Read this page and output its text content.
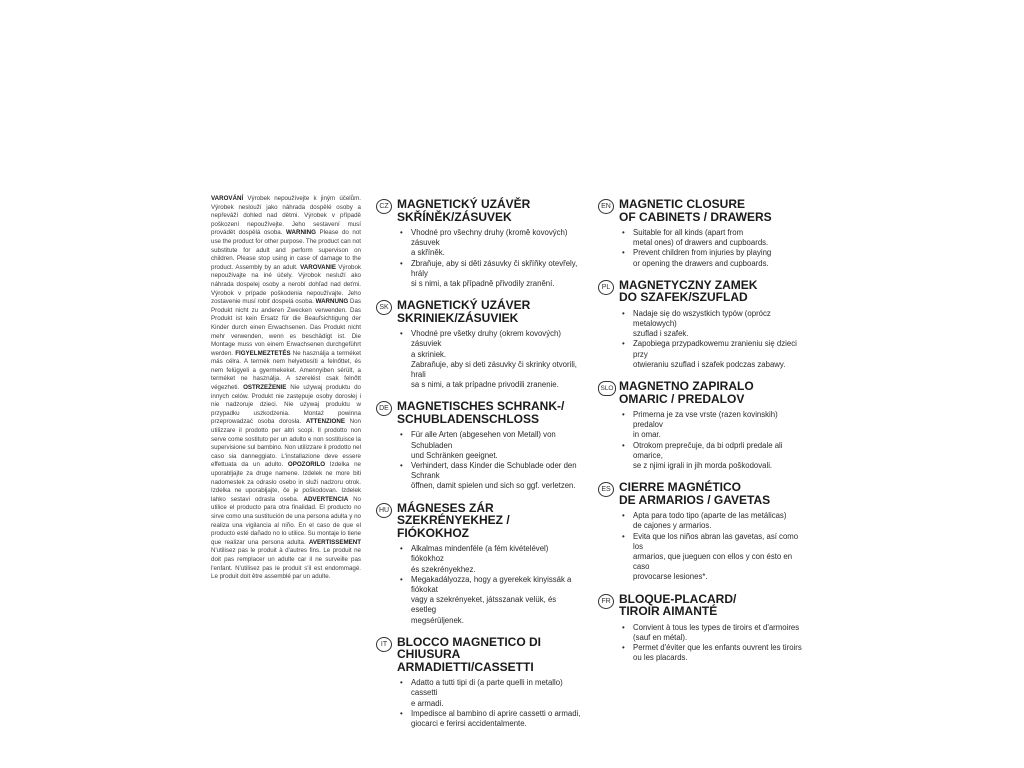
VAROVÁNÍ Výrobek nepoužívejte k jiným účelům. Výrobek neslouží jako náhrada dospělé osoby a nepřeváží dohled nad dětmi. Výrobek v případě poškození nepoužívejte. Jeho sestavení musí provádět dospělá osoba. WARNING Please do not use the product for other purpose. The product can not substitute for adult and perform supervison on children. Please stop using in case of damage to the product. Assembly by an adult. VAROVANIE Výrobok nepoužívajte na iné účely. Výrobok nesluží ako náhrada dospelej osoby a nerobí dohľad nad deťmi. Výrobok v prípade poškodenia nepoužívajte. Jeho zostavenie musí robiť dospelá osoba. WARNUNG Das Produkt nicht zu anderen Zwecken verwenden. Das Produkt ist kein Ersatz für die Beaufsichtigung der Kinder durch einen Erwachsenen. Das Produkt nicht mehr verwenden, wenn es beschädigt ist. Die Montage muss von einem Erwachsenen durchgeführt werden. FIGYELMEZTETÉS Ne használja a terméket más célra. A termék nem helyettesíti a felnőttet, és nem felügyeli a gyermekeket. Amennyiben sérült, a terméket ne használja. A szerelést csak felnőtt végezheti. OSTRZEŻENIE Nie używaj produktu do innych celów. Produkt nie zastępuje osoby dorosłej i nie nadzoruje dzieci. Nie używaj produktu w przypadku uszkodzenia. Montaż powinna przeprowadzać osoba dorosła. ATTENZIONE Non utilizzare il prodotto per altri scopi. Il prodotto non serve come sostituto per un adulto e non sostituisce la supervisione sul bambino. Non utilizzare il prodotto nel caso sia danneggiato. L'installazione deve essere effettuata da un adulto. OPOZORILO Izdelka ne uporabljajte za druge namene. Izdelek ne more biti nadomestek za odraslo osebo in služi nadzoru otrok. Izdelka ne uporabljajte, če je poškodovan. Izdelek lahko sestavi odrasla oseba. ADVERTENCIA No utilice el producto para otra finalidad. El producto no sirve como una sustitución de una persona adulta y no realiza una vigilancia al niño. En el caso de que el producto esté dañado no lo utilice. Su montaje lo tiene que realizar una persona adulta. AVERTISSEMENT N'utilisez pas le produit à d'autres fins. Le produit ne doit pas remplacer un adulte car il ne surveille pas l'enfant. N'utilisez pas le produit s'il est endommagé. Le produit doit être assemblé par un adulte.
CZ MAGNETICKÝ UZÁVĚR
SKŘÍNĚK/ZÁSUVEK
• Vhodné pro všechny druhy (kromě kovových) zásuvek
a skříněk.
• Zbraňuje, aby si děti zásuvky či skříňky otevřely, hrály
si s nimi, a tak případně přivodily zranění.
SK MAGNETICKÝ UZÁVER
SKRINIEK/ZÁSUVIEK
• Vhodné pre všetky druhy (okrem kovových) zásuviek
a skriniek.
Zabraňuje, aby si deti zásuvky či skrinky otvorili, hrali
sa s nimi, a tak prípadne privodili zranenie.
DE MAGNETISCHES SCHRANK-/
SCHUBLADENSCHLOSS
• Für alle Arten (abgesehen von Metall) von Schubladen
und Schränken geeignet.
• Verhindert, dass Kinder die Schublade oder den Schrank
öffnen, damit spielen und sich so ggf. verletzen.
HU MÁGNESES ZÁR
SZEKRÉNYEKHEZ / FIÓKOKHOZ
• Alkalmas mindenféle (a fém kivételével) fiókokhoz
és szekrényekhez.
• Megakadályozza, hogy a gyerekek kinyissák a fiókokat
vagy a szekrényeket, játsszanak velük, és esetleg
megsérüljenek.
IT BLOCCO MAGNETICO DI CHIUSURA
ARMADIETTI/CASSETTI
• Adatto a tutti tipi di (a parte quelli in metallo) cassetti
e armadi.
• Impedisce al bambino di aprire cassetti o armadi,
giocarci e ferirsi accidentalmente.
EN MAGNETIC CLOSURE
OF CABINETS / DRAWERS
• Suitable for all kinds (apart from
metal ones) of drawers and cupboards.
• Prevent children from injuries by playing
or opening the drawers and cupboards.
PL MAGNETYCZNY ZAMEK
DO SZAFEK/SZUFLAD
• Nadaje się do wszystkich typów (oprócz metalowych)
szuflad i szafek.
• Zapobiega przypadkowemu zranieniu się dzieci przy
otwieraniu szuflad i szafek podczas zabawy.
SLO MAGNETNO ZAPIRALO
OMARIC / PREDALOV
• Primerna je za vse vrste (razen kovinskih) predalov
in omar.
• Otrokom preprečuje, da bi odprli predale ali omarice,
se z njimi igrali in jih morda poškodovali.
ES CIERRE MAGNÉTICO
DE ARMARIOS / GAVETAS
• Apta para todo tipo (aparte de las metálicas)
de cajones y armarios.
• Evita que los niños abran las gavetas, así como los
armarios, que jueguen con ellos y con ésto en caso
provocarse lesiones*.
FR BLOQUE-PLACARD/
TIROIR AIMANTÉ
• Convient à tous les types de tiroirs et d'armoires
(sauf en métal).
• Permet d'éviter que les enfants ouvrent les tiroirs
ou les placards.
